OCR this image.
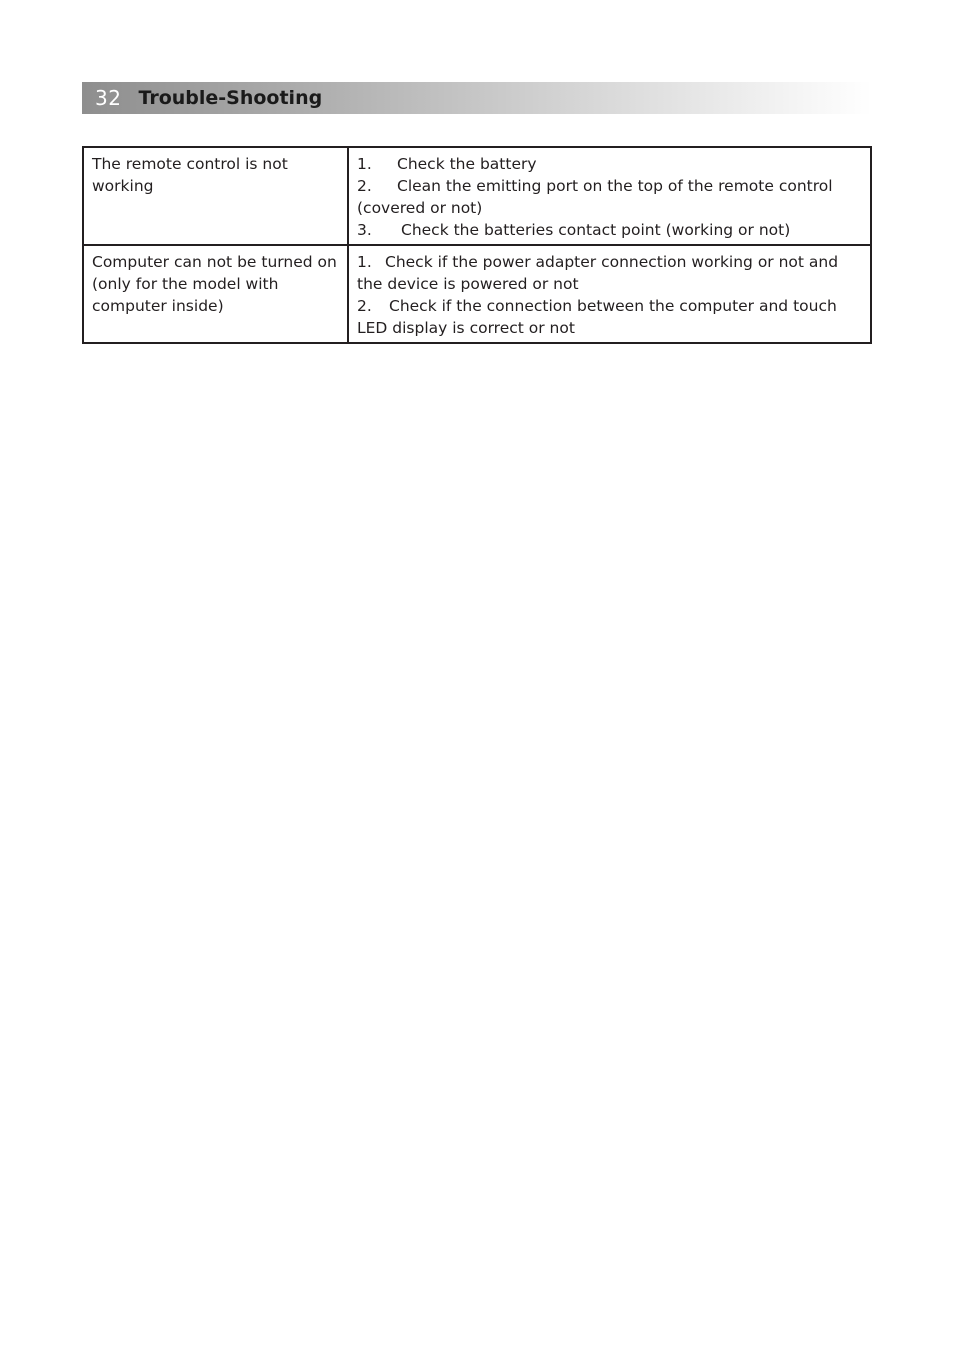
32 Trouble-Shooting
The remote control is not working	1. Check the battery
2. Clean the emitting port on the top of the remote control (covered or not)
3. Check the batteries contact point (working or not)

Computer can not be turned on (only for the model with computer inside)	1. Check if the power adapter connection working or not and the device is powered or not
2. Check if the connection between the computer and touch LED display is correct or not
